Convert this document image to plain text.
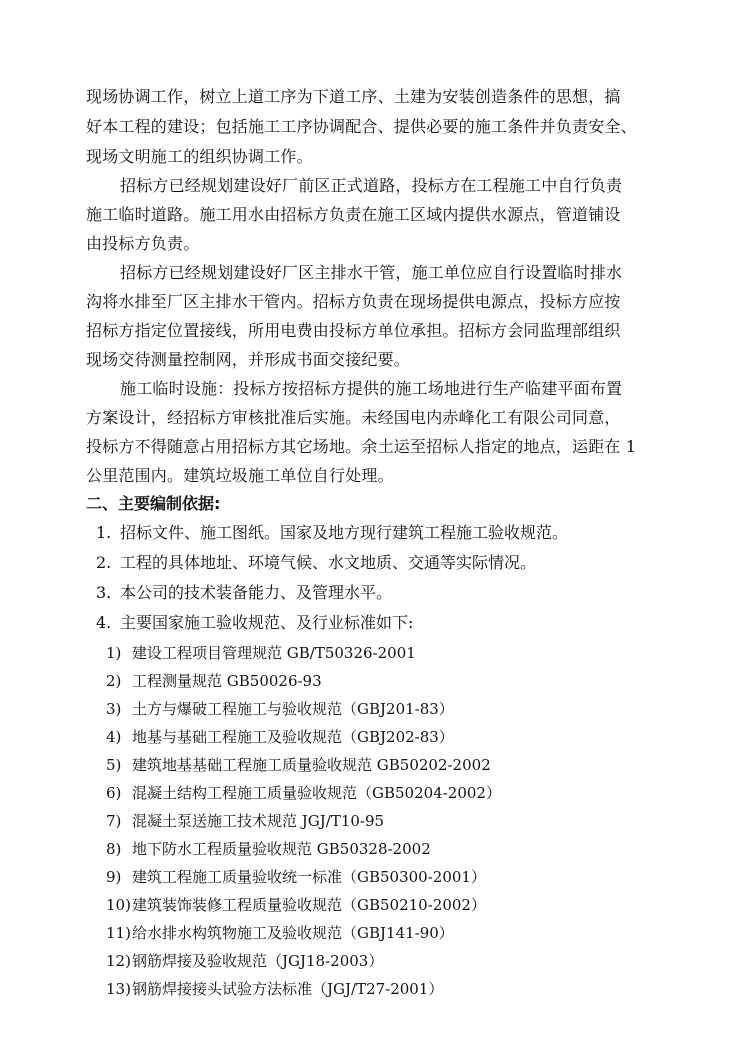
现场协调工作，树立上道工序为下道工序、土建为安装创造条件的思想，搞
好本工程的建设；包括施工工序协调配合、提供必要的施工条件并负责安全、
现场文明施工的组织协调工作。
招标方已经规划建设好厂前区正式道路，投标方在工程施工中自行负责
施工临时道路。施工用水由招标方负责在施工区域内提供水源点，管道铺设
由投标方负责。
招标方已经规划建设好厂区主排水干管，施工单位应自行设置临时排水
沟将水排至厂区主排水干管内。招标方负责在现场提供电源点，投标方应按
招标方指定位置接线，所用电费由投标方单位承担。招标方会同监理部组织
现场交待测量控制网，并形成书面交接纪要。
施工临时设施：投标方按招标方提供的施工场地进行生产临建平面布置
方案设计，经招标方审核批准后实施。未经国电内赤峰化工有限公司同意，
投标方不得随意占用招标方其它场地。余土运至招标人指定的地点，运距在 1
公里范围内。建筑垃圾施工单位自行处理。
二、主要编制依据:
1. 招标文件、施工图纸。国家及地方现行建筑工程施工验收规范。
2. 工程的具体地址、环境气候、水文地质、交通等实际情况。
3. 本公司的技术装备能力、及管理水平。
4. 主要国家施工验收规范、及行业标准如下:
1) 建设工程项目管理规范 GB/T50326-2001
2) 工程测量规范 GB50026-93
3) 土方与爆破工程施工与验收规范（GBJ201-83）
4) 地基与基础工程施工及验收规范（GBJ202-83）
5) 建筑地基基础工程施工质量验收规范 GB50202-2002
6) 混凝土结构工程施工质量验收规范（GB50204-2002）
7) 混凝土泵送施工技术规范 JGJ/T10-95
8) 地下防水工程质量验收规范 GB50328-2002
9) 建筑工程施工质量验收统一标准（GB50300-2001）
10)建筑装饰装修工程质量验收规范（GB50210-2002）
11)给水排水构筑物施工及验收规范（GBJ141-90）
12)钢筋焊接及验收规范（JGJ18-2003）
13)钢筋焊接接头试验方法标准（JGJ/T27-2001）
